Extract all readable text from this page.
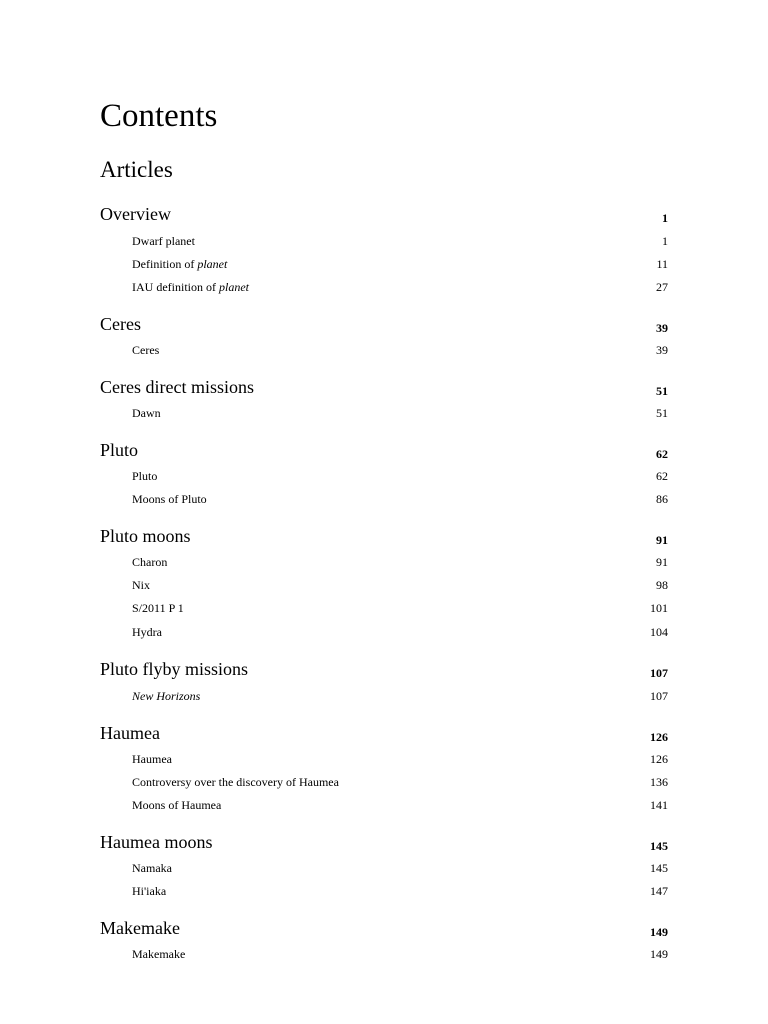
Contents
Articles
Overview	1
Dwarf planet	1
Definition of planet	11
IAU definition of planet	27
Ceres	39
Ceres	39
Ceres direct missions	51
Dawn	51
Pluto	62
Pluto	62
Moons of Pluto	86
Pluto moons	91
Charon	91
Nix	98
S/2011 P 1	101
Hydra	104
Pluto flyby missions	107
New Horizons	107
Haumea	126
Haumea	126
Controversy over the discovery of Haumea	136
Moons of Haumea	141
Haumea moons	145
Namaka	145
Hi'iaka	147
Makemake	149
Makemake	149
